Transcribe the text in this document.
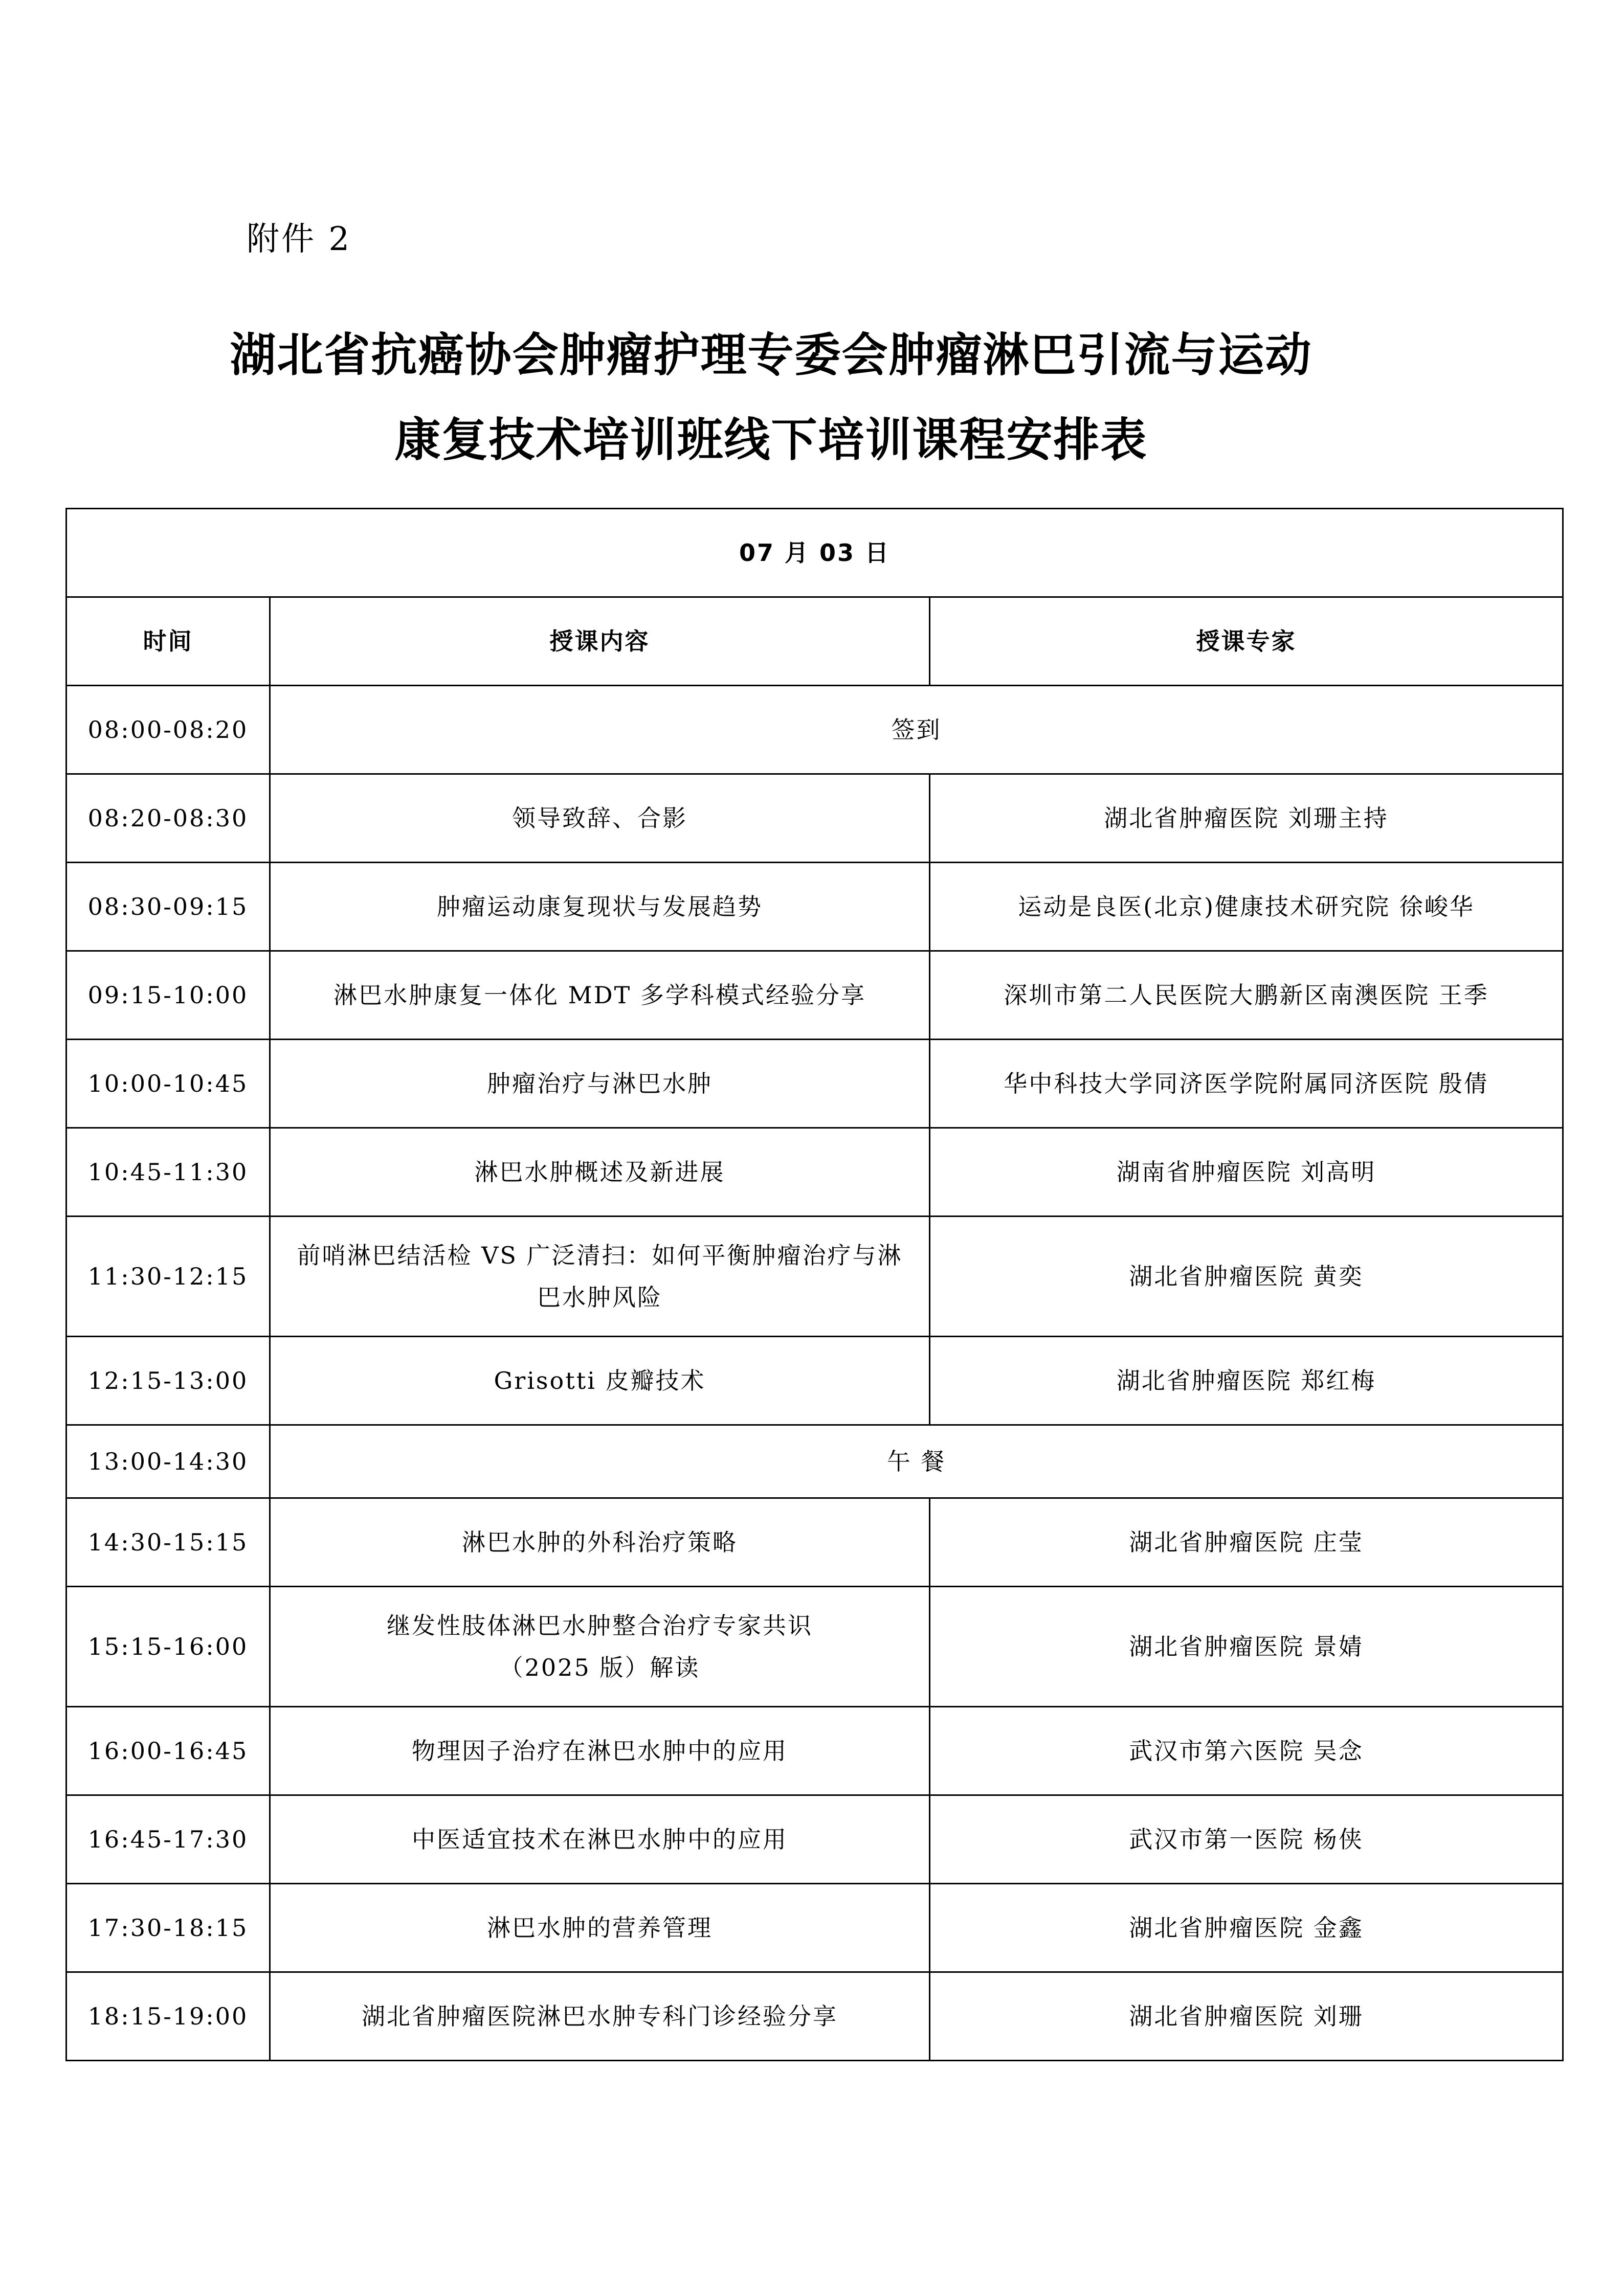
附件 2
湖北省抗癌协会肿瘤护理专委会肿瘤淋巴引流与运动
康复技术培训班线下培训课程安排表
07 月 03 日		
时间	授课内容	授课专家
08:00-08:20	签到	
08:20-08:30	领导致辞、合影	湖北省肿瘤医院 刘珊主持
08:30-09:15	肿瘤运动康复现状与发展趋势	运动是良医(北京)健康技术研究院 徐峻华
09:15-10:00	淋巴水肿康复一体化 MDT 多学科模式经验分享	深圳市第二人民医院大鹏新区南澳医院 王季
10:00-10:45	肿瘤治疗与淋巴水肿	华中科技大学同济医学院附属同济医院 殷倩
10:45-11:30	淋巴水肿概述及新进展	湖南省肿瘤医院 刘高明
11:30-12:15	前哨淋巴结活检 VS 广泛清扫：如何平衡肿瘤治疗与淋
巴水肿风险	湖北省肿瘤医院 黄奕
12:15-13:00	Grisotti 皮瓣技术	湖北省肿瘤医院 郑红梅
13:00-14:30	午 餐	
14:30-15:15	淋巴水肿的外科治疗策略	湖北省肿瘤医院 庄莹
15:15-16:00	继发性肢体淋巴水肿整合治疗专家共识
（2025 版）解读	湖北省肿瘤医院 景婧
16:00-16:45	物理因子治疗在淋巴水肿中的应用	武汉市第六医院 吴念
16:45-17:30	中医适宜技术在淋巴水肿中的应用	武汉市第一医院 杨侠
17:30-18:15	淋巴水肿的营养管理	湖北省肿瘤医院 金鑫
18:15-19:00	湖北省肿瘤医院淋巴水肿专科门诊经验分享	湖北省肿瘤医院 刘珊
